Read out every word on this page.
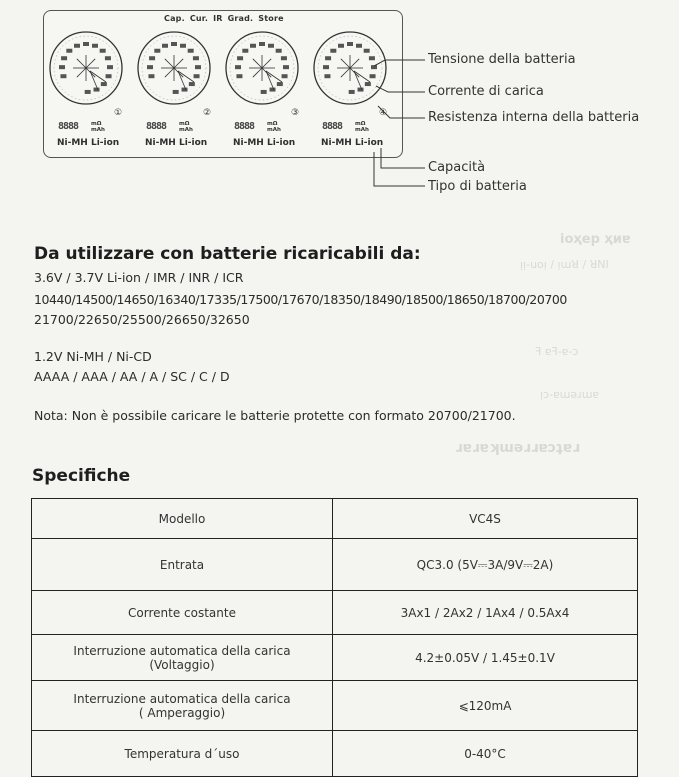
іоҳер ҳиɐ
ᴉᴉ-uoᴉ / ᴉɯꓤ / ꓤNI
ꟻ ɐꟻ-ɐ-ɔ
ɹɐɹɐʞɯǝɹɹɐɔʇɐɹ
ᴉɔ-ɐɯǝɹɯɐ
Cap. Cur. IR Grad. Store
①	②	③	④
8888 mΩ
mAh	8888 mΩ
mAh	8888 mΩ
mAh	8888 mΩ
mAh
Ni-MH Li-ion	Ni-MH Li-ion	Ni-MH Li-ion	Ni-MH Li-ion
Tensione della batteria
Corrente di carica
Resistenza interna della batteria
Capacità
Tipo di batteria
Da utilizzare con batterie ricaricabili da:
3.6V / 3.7V Li-ion / IMR / INR / ICR
10440/14500/14650/16340/17335/17500/17670/18350/18490/18500/18650/18700/20700
21700/22650/25500/26650/32650
1.2V Ni-MH / Ni-CD
AAAA / AAA / AA / A / SC / C / D
Nota: Non è possibile caricare le batterie protette con formato 20700/21700.
Specifiche
Modello	VC4S
Entrata	QC3.0 (5V⎓3A/9V⎓2A)
Corrente costante	3Ax1 / 2Ax2 / 1Ax4 / 0.5Ax4
Interruzione automatica della carica
(Voltaggio)	4.2±0.05V / 1.45±0.1V
Interruzione automatica della carica
( Amperaggio)	⩽120mA
Temperatura d´uso	0-40°C
